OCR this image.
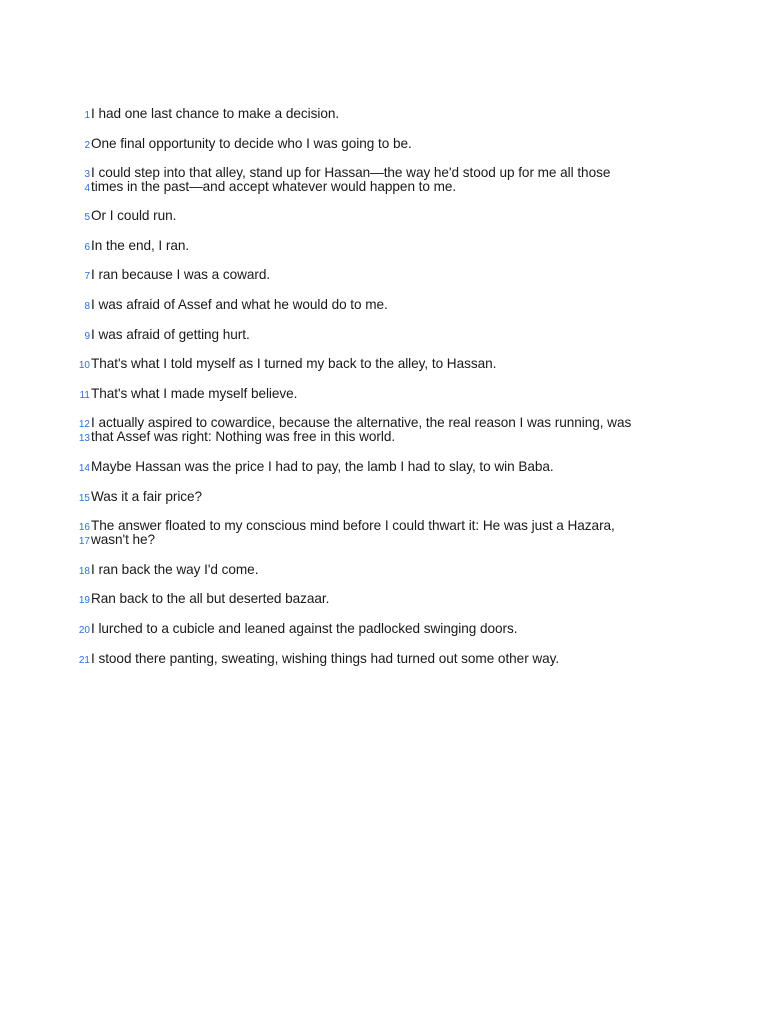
1 I had one last chance to make a decision.
2 One final opportunity to decide who I was going to be.
3 I could step into that alley, stand up for Hassan—the way he'd stood up for me all those
4 times in the past—and accept whatever would happen to me.
5 Or I could run.
6 In the end, I ran.
7 I ran because I was a coward.
8 I was afraid of Assef and what he would do to me.
9 I was afraid of getting hurt.
10 That's what I told myself as I turned my back to the alley, to Hassan.
11 That's what I made myself believe.
12 I actually aspired to cowardice, because the alternative, the real reason I was running, was
13 that Assef was right: Nothing was free in this world.
14 Maybe Hassan was the price I had to pay, the lamb I had to slay, to win Baba.
15 Was it a fair price?
16 The answer floated to my conscious mind before I could thwart it: He was just a Hazara,
17 wasn't he?
18 I ran back the way I'd come.
19 Ran back to the all but deserted bazaar.
20 I lurched to a cubicle and leaned against the padlocked swinging doors.
21 I stood there panting, sweating, wishing things had turned out some other way.
